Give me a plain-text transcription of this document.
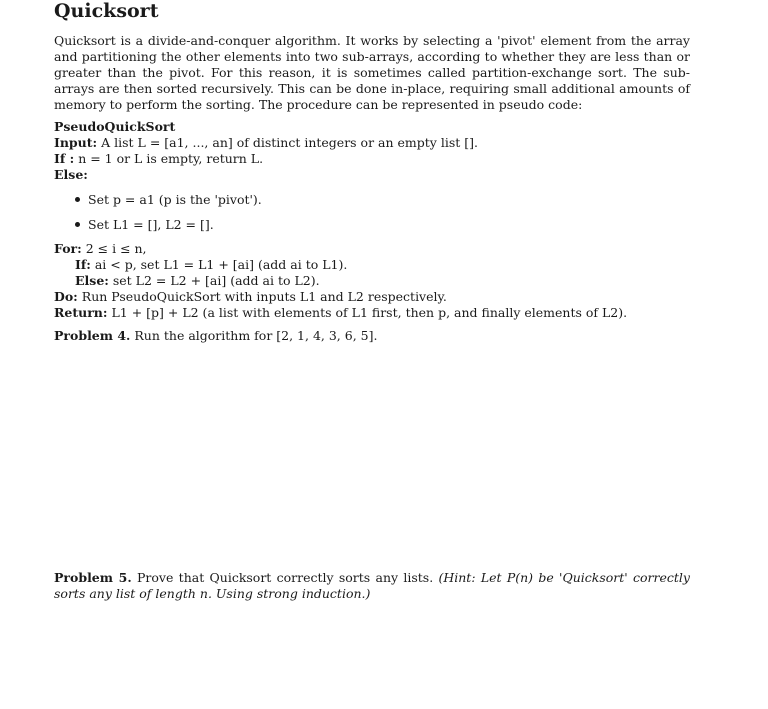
Quicksort

Quicksort is a divide-and-conquer algorithm. It works by selecting a 'pivot' element from the array and partitioning the other elements into two sub-arrays, according to whether they are less than or greater than the pivot. For this reason, it is sometimes called partition-exchange sort. The sub-arrays are then sorted recursively. This can be done in-place, requiring small additional amounts of memory to perform the sorting. The procedure can be represented in pseudo code:

PseudoQuickSort
Input: A list L = [a1, ..., an] of distinct integers or an empty list [].
If : n = 1 or L is empty, return L.
Else:
Set p = a1 (p is the 'pivot').
Set L1 = [], L2 = [].
For: 2 ≤ i ≤ n,
If: ai < p, set L1 = L1 + [ai] (add ai to L1).
Else: set L2 = L2 + [ai] (add ai to L2).
Do: Run PseudoQuickSort with inputs L1 and L2 respectively.
Return: L1 + [p] + L2 (a list with elements of L1 first, then p, and finally elements of L2).
Problem 4. Run the algorithm for [2, 1, 4, 3, 6, 5].
Problem 5. Prove that Quicksort correctly sorts any lists. (Hint: Let P(n) be 'Quicksort' correctly sorts any list of length n. Using strong induction.)
